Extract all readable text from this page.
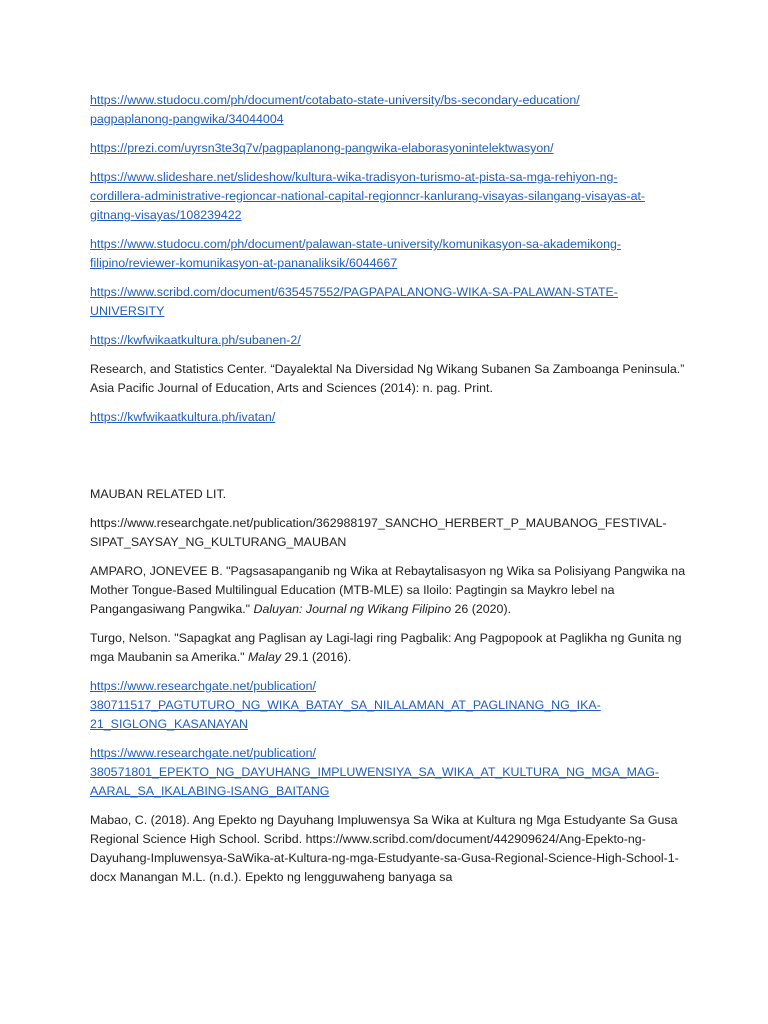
https://www.studocu.com/ph/document/cotabato-state-university/bs-secondary-education/
pagpaplanong-pangwika/34044004

https://prezi.com/uyrsn3te3q7v/pagpaplanong-pangwika-elaborasyonintelektwasyon/

https://www.slideshare.net/slideshow/kultura-wika-tradisyon-turismo-at-pista-sa-mga-rehiyon-ng-
cordillera-administrative-regioncar-national-capital-regionncr-kanlurang-visayas-silangang-visayas-at-
gitnang-visayas/108239422

https://www.studocu.com/ph/document/palawan-state-university/komunikasyon-sa-akademikong-
filipino/reviewer-komunikasyon-at-pananaliksik/6044667

https://www.scribd.com/document/635457552/PAGPAPALANONG-WIKA-SA-PALAWAN-STATE-
UNIVERSITY

https://kwfwikaatkultura.ph/subanen-2/

Research, and Statistics Center. “Dayalektal Na Diversidad Ng Wikang Subanen Sa Zamboanga Peninsula.”
Asia Pacific Journal of Education, Arts and Sciences (2014): n. pag. Print.

https://kwfwikaatkultura.ph/ivatan/

MAUBAN RELATED LIT.

https://www.researchgate.net/publication/362988197_SANCHO_HERBERT_P_MAUBANOG_FESTIVAL-
SIPAT_SAYSAY_NG_KULTURANG_MAUBAN

AMPARO, JONEVEE B. "Pagsasapanganib ng Wika at Rebaytalisasyon ng Wika sa Polisiyang Pangwika na
Mother Tongue-Based Multilingual Education (MTB-MLE) sa Iloilo: Pagtingin sa Maykro lebel na
Pangangasiwang Pangwika." Daluyan: Journal ng Wikang Filipino 26 (2020).

Turgo, Nelson. "Sapagkat ang Paglisan ay Lagi-lagi ring Pagbalik: Ang Pagpopook at Paglikha ng Gunita ng
mga Maubanin sa Amerika." Malay 29.1 (2016).

https://www.researchgate.net/publication/
380711517_PAGTUTURO_NG_WIKA_BATAY_SA_NILALAMAN_AT_PAGLINANG_NG_IKA-
21_SIGLONG_KASANAYAN

https://www.researchgate.net/publication/
380571801_EPEKTO_NG_DAYUHANG_IMPLUWENSIYA_SA_WIKA_AT_KULTURA_NG_MGA_MAG-
AARAL_SA_IKALABING-ISANG_BAITANG

Mabao, C. (2018). Ang Epekto ng Dayuhang Impluwensya Sa Wika at Kultura ng Mga Estudyante Sa Gusa
Regional Science High School. Scribd. https://www.scribd.com/document/442909624/Ang-Epekto-ng-
Dayuhang-Impluwensya-SaWika-at-Kultura-ng-mga-Estudyante-sa-Gusa-Regional-Science-High-School-1-
docx Manangan M.L. (n.d.). Epekto ng lengguwaheng banyaga sa
